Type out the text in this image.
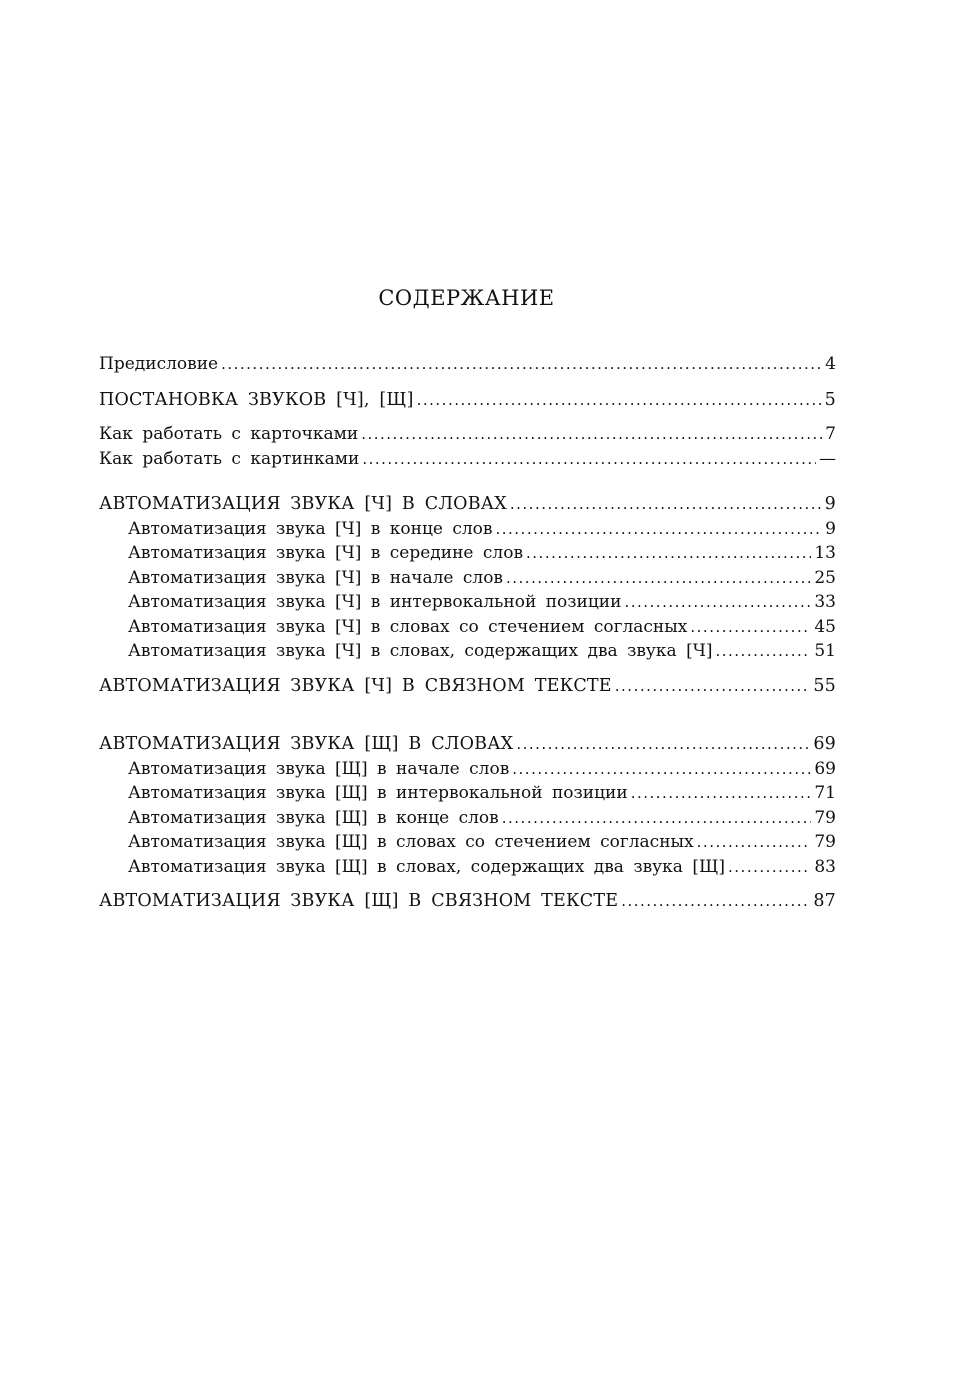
СОДЕРЖАНИЕ
Предисловие .....	4
ПОСТАНОВКА ЗВУКОВ [Ч], [Щ] .....	5
Как работать с карточками .....	7
Как работать с картинками .....	—
АВТОМАТИЗАЦИЯ ЗВУКА [Ч] В СЛОВАХ .....	9
Автоматизация звука [Ч] в конце слов .....	9
Автоматизация звука [Ч] в середине слов .....	13
Автоматизация звука [Ч] в начале слов .....	25
Автоматизация звука [Ч] в интервокальной позиции .....	33
Автоматизация звука [Ч] в словах со стечением согласных .....	45
Автоматизация звука [Ч] в словах, содержащих два звука [Ч] .....	51
АВТОМАТИЗАЦИЯ ЗВУКА [Ч] В СВЯЗНОМ ТЕКСТЕ .....	55
АВТОМАТИЗАЦИЯ ЗВУКА [Щ] В СЛОВАХ .....	69
Автоматизация звука [Щ] в начале слов .....	69
Автоматизация звука [Щ] в интервокальной позиции .....	71
Автоматизация звука [Щ] в конце слов .....	79
Автоматизация звука [Щ] в словах со стечением согласных .....	79
Автоматизация звука [Щ] в словах, содержащих два звука [Щ] .....	83
АВТОМАТИЗАЦИЯ ЗВУКА [Щ] В СВЯЗНОМ ТЕКСТЕ .....	87
